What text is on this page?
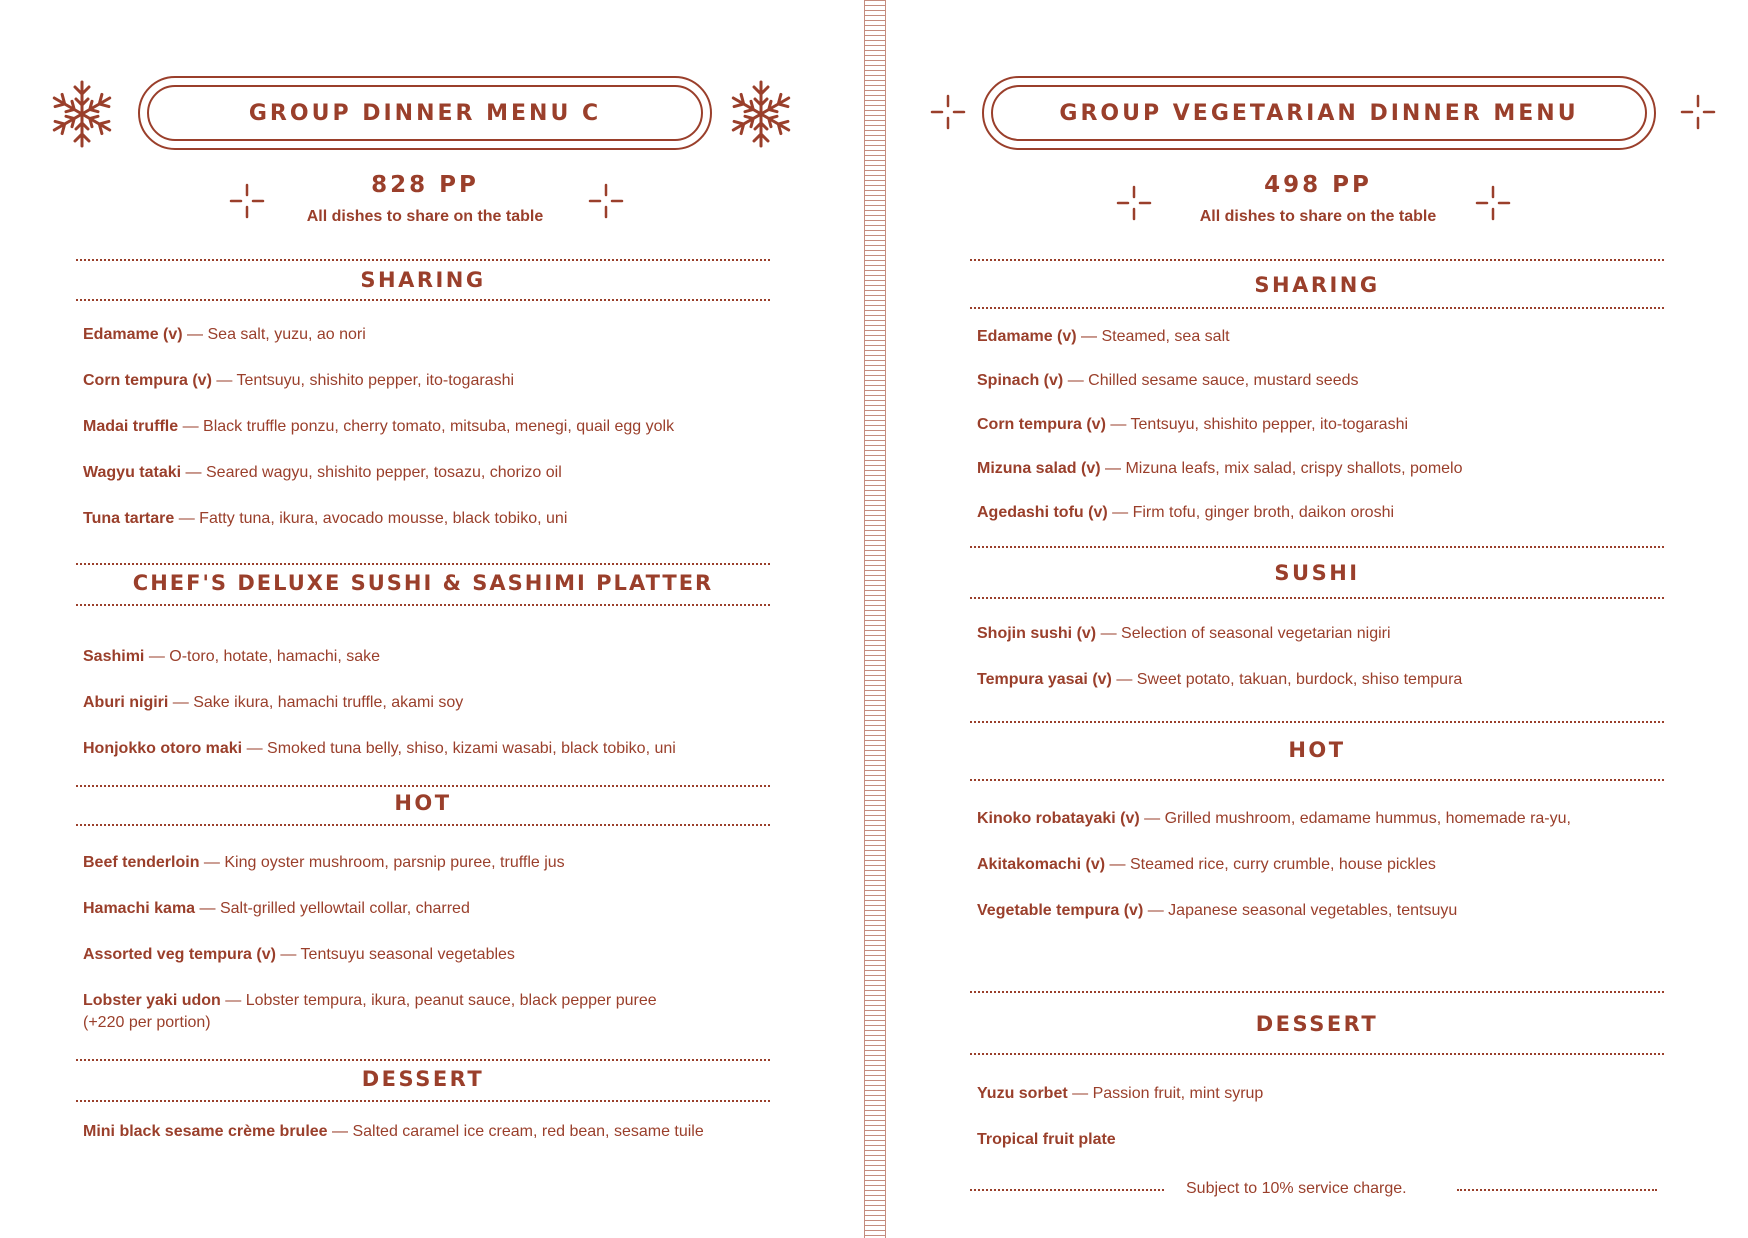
GROUP DINNER MENU C
828 PP
All dishes to share on the table
SHARING
Edamame (v) — Sea salt, yuzu, ao nori
Corn tempura (v) — Tentsuyu, shishito pepper, ito-togarashi
Madai truffle — Black truffle ponzu, cherry tomato, mitsuba, menegi, quail egg yolk
Wagyu tataki — Seared wagyu, shishito pepper, tosazu, chorizo oil
Tuna tartare — Fatty tuna, ikura, avocado mousse, black tobiko, uni
CHEF'S DELUXE SUSHI & SASHIMI PLATTER
Sashimi — O-toro, hotate, hamachi, sake
Aburi nigiri — Sake ikura, hamachi truffle, akami soy
Honjokko otoro maki — Smoked tuna belly, shiso, kizami wasabi, black tobiko, uni
HOT
Beef tenderloin — King oyster mushroom, parsnip puree, truffle jus
Hamachi kama — Salt-grilled yellowtail collar, charred
Assorted veg tempura (v) — Tentsuyu seasonal vegetables
Lobster yaki udon — Lobster tempura, ikura, peanut sauce, black pepper puree
(+220 per portion)
DESSERT
Mini black sesame crème brulee — Salted caramel ice cream, red bean, sesame tuile
GROUP VEGETARIAN DINNER MENU
498 PP
All dishes to share on the table
SHARING
Edamame (v) — Steamed, sea salt
Spinach (v) — Chilled sesame sauce, mustard seeds
Corn tempura (v) — Tentsuyu, shishito pepper, ito-togarashi
Mizuna salad (v) — Mizuna leafs, mix salad, crispy shallots, pomelo
Agedashi tofu (v) — Firm tofu, ginger broth, daikon oroshi
SUSHI
Shojin sushi (v) — Selection of seasonal vegetarian nigiri
Tempura yasai (v) — Sweet potato, takuan, burdock, shiso tempura
HOT
Kinoko robatayaki (v) — Grilled mushroom, edamame hummus, homemade ra-yu,
Akitakomachi (v) — Steamed rice, curry crumble, house pickles
Vegetable tempura (v) — Japanese seasonal vegetables, tentsuyu
DESSERT
Yuzu sorbet — Passion fruit, mint syrup
Tropical fruit plate
Subject to 10% service charge.
